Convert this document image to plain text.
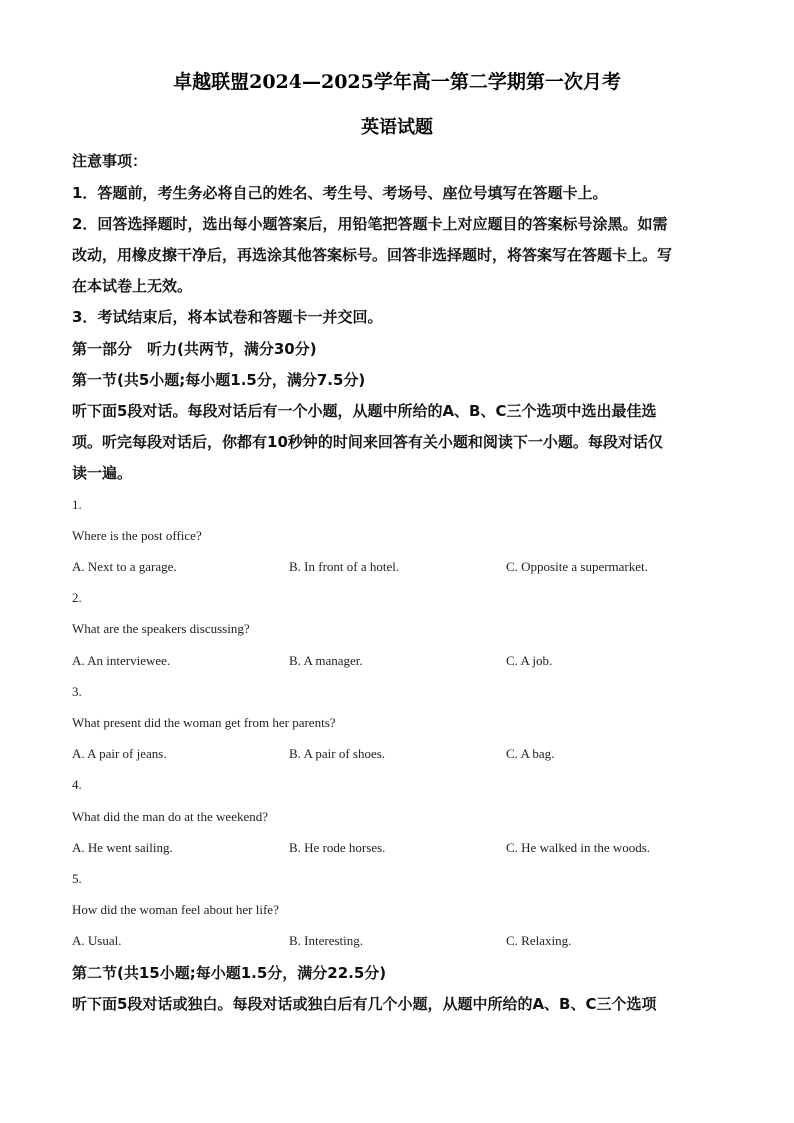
卓越联盟2024—2025学年高一第二学期第一次月考
英语试题
注意事项：
1．答题前，考生务必将自己的姓名、考生号、考场号、座位号填写在答题卡上。
2．回答选择题时，选出每小题答案后，用铅笔把答题卡上对应题目的答案标号涂黑。如需
改动，用橡皮擦干净后，再选涂其他答案标号。回答非选择题时，将答案写在答题卡上。写
在本试卷上无效。
3．考试结束后，将本试卷和答题卡一并交回。
第一部分　听力(共两节，满分30分)
第一节(共5小题;每小题1.5分，满分7.5分)
听下面5段对话。每段对话后有一个小题，从题中所给的A、B、C三个选项中选出最佳选
项。听完每段对话后，你都有10秒钟的时间来回答有关小题和阅读下一小题。每段对话仅
读一遍。
1.
Where is the post office?
A. Next to a garage.	B. In front of a hotel.	C. Opposite a supermarket.
2.
What are the speakers discussing?
A. An interviewee.	B. A manager.	C. A job.
3.
What present did the woman get from her parents?
A. A pair of jeans.	B. A pair of shoes.	C. A bag.
4.
What did the man do at the weekend?
A. He went sailing.	B. He rode horses.	C. He walked in the woods.
5.
How did the woman feel about her life?
A. Usual.	B. Interesting.	C. Relaxing.
第二节(共15小题;每小题1.5分，满分22.5分)
听下面5段对话或独白。每段对话或独白后有几个小题，从题中所给的A、B、C三个选项
